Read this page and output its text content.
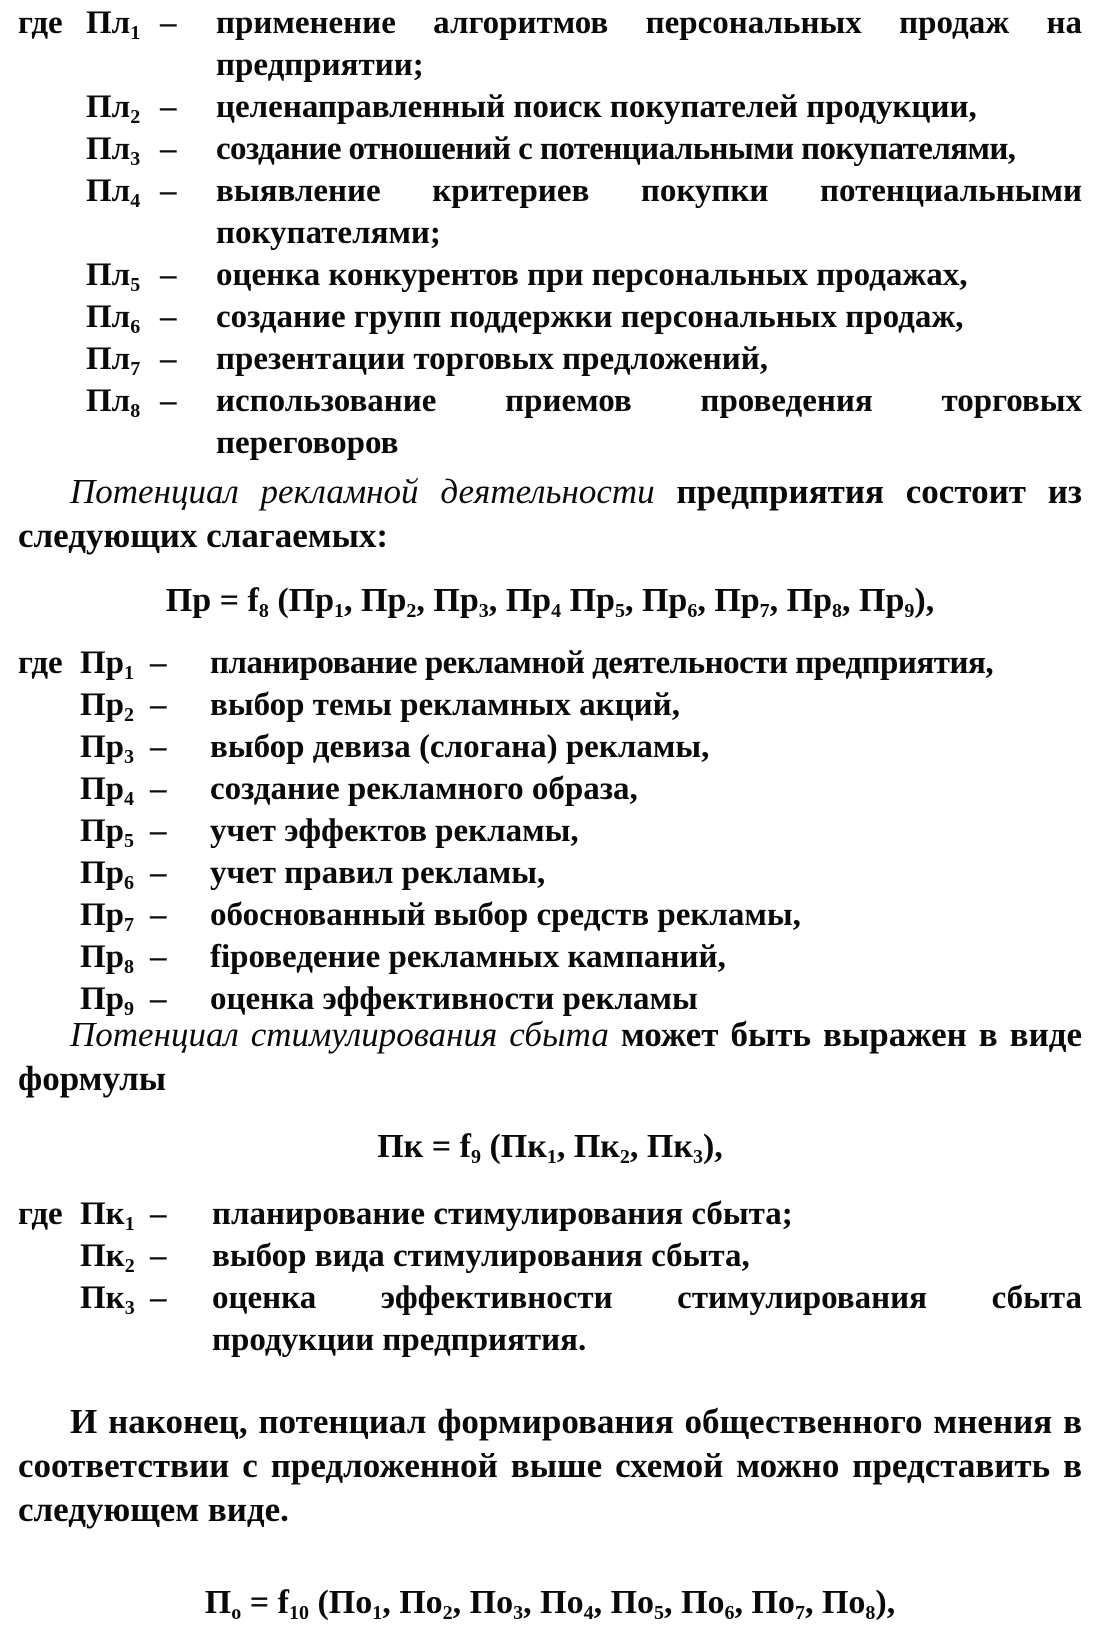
где $Пл_1$ – применение алгоритмов персональных продаж на предприятии;
$Пл_2$ – целенаправленный поиск покупателей продукции,
$Пл_3$ – создание отношений с потенциальными покупателями,
$Пл_4$ – выявление критериев покупки потенциальными покупателями;
$Пл_5$ – оценка конкурентов при персональных продажах,
$Пл_6$ – создание групп поддержки персональных продаж,
$Пл_7$ – презентации торговых предложений,
$Пл_8$ – использование приемов проведения торговых переговоров
Потенциал рекламной деятельности предприятия состоит из следующих слагаемых:
Пр = $f_8$ ($Пр_1$, $Пр_2$, $Пр_3$, $Пр_4$ $Пр_5$, $Пр_6$, $Пр_7$, $Пр_8$, $Пр_9$),
где $Пр_1$ – планирование рекламной деятельности предприятия,
$Пр_2$ – выбор темы рекламных акций,
$Пр_3$ – выбор девиза (слогана) рекламы,
$Пр_4$ – создание рекламного образа,
$Пр_5$ – учет эффектов рекламы,
$Пр_6$ – учет правил рекламы,
$Пр_7$ – обоснованный выбор средств рекламы,
$Пр_8$ – fіроведение рекламных кампаний,
$Пр_9$ – оценка эффективности рекламы
Потенциал стимулирования сбыта может быть выражен в виде формулы
Пк = $f_9$ ($Пк_1$, $Пк_2$, $Пк_3$),
где $Пк_1$ – планирование стимулирования сбыта;
$Пк_2$ – выбор вида стимулирования сбыта,
$Пк_3$ – оценка эффективности стимулирования сбыта продукции предприятия.
И наконец, потенциал формирования общественного мнения в соответствии с предложенной выше схемой можно представить в следующем виде.
$П_о = f_{10}$ ($По_1$, $По_2$, $По_3$, $По_4$, $По_5$, $По_6$, $По_7$, $По_8$),
